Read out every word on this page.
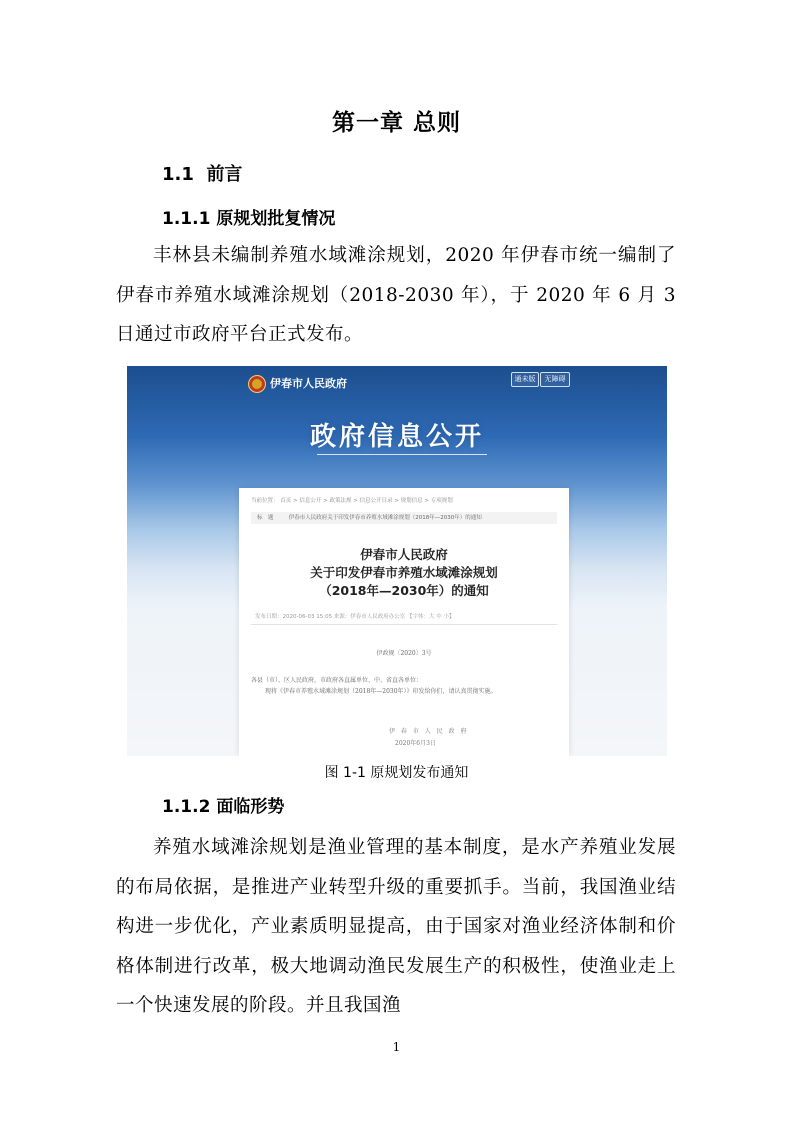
第一章 总则
1.1 前言
1.1.1 原规划批复情况

丰林县未编制养殖水域滩涂规划，2020 年伊春市统一编制了伊春市养殖水域滩涂规划（2018-2030 年），于 2020 年 6 月 3 日通过市政府平台正式发布。

伊春市人民政府	通未版	无障碍
政府信息公开
当前位置： 首页 > 信息公开 > 政策法规 > 信息公开目录 > 规划信息 > 专项规划
标　题	伊春市人民政府关于印发伊春市养殖水域滩涂规划（2018年—2030年）的通知
伊春市人民政府
关于印发伊春市养殖水域滩涂规划
（2018年—2030年）的通知
发布日期：2020-06-03 15:05 来源：伊春市人民政府办公室 【字体：大 中 小】
伊政规〔2020〕3号
各县（市）、区人民政府，市政府各直属单位、中、省直各单位：
现将《伊春市养殖水域滩涂规划（2018年—2030年）》印发给你们，请认真贯彻实施。
伊 春 市 人 民 政 府
2020年6月3日
图 1-1 原规划发布通知
1.1.2 面临形势

养殖水域滩涂规划是渔业管理的基本制度，是水产养殖业发展的布局依据，是推进产业转型升级的重要抓手。当前，我国渔业结构进一步优化，产业素质明显提高，由于国家对渔业经济体制和价格体制进行改革，极大地调动渔民发展生产的积极性，使渔业走上一个快速发展的阶段。并且我国渔

1
